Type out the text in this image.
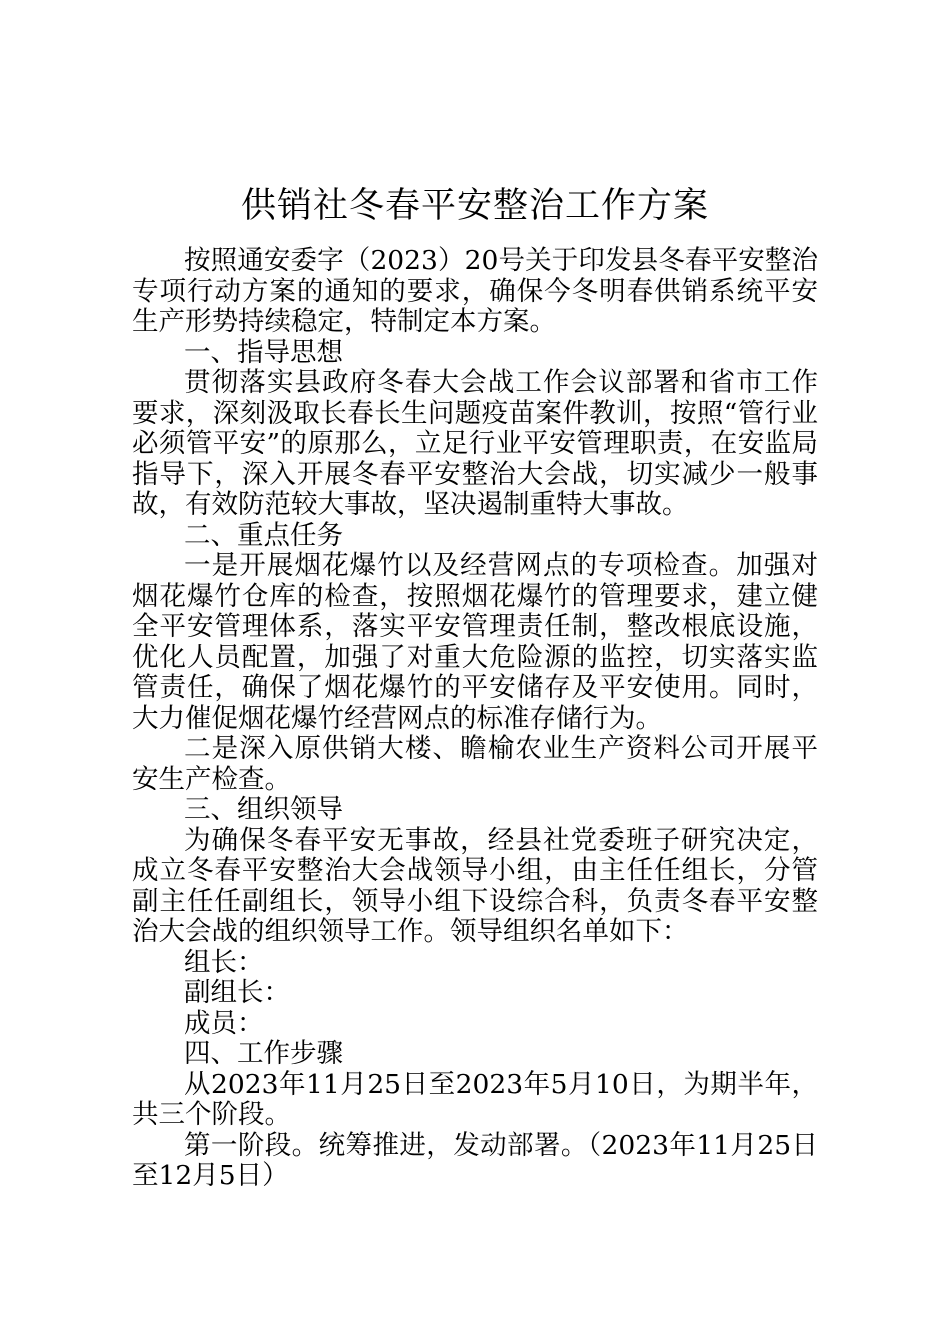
供销社冬春平安整治工作方案

按照通安委字（2023）20号关于印发县冬春平安整治专项行动方案的通知的要求，确保今冬明春供销系统平安生产形势持续稳定，特制定本方案。

一、指导思想

贯彻落实县政府冬春大会战工作会议部署和省市工作要求，深刻汲取长春长生问题疫苗案件教训，按照“管行业必须管平安”的原那么，立足行业平安管理职责，在安监局指导下，深入开展冬春平安整治大会战，切实减少一般事故，有效防范较大事故，坚决遏制重特大事故。

二、重点任务

一是开展烟花爆竹以及经营网点的专项检查。加强对烟花爆竹仓库的检查，按照烟花爆竹的管理要求，建立健全平安管理体系，落实平安管理责任制，整改根底设施，优化人员配置，加强了对重大危险源的监控，切实落实监管责任，确保了烟花爆竹的平安储存及平安使用。同时，大力催促烟花爆竹经营网点的标准存储行为。

二是深入原供销大楼、瞻榆农业生产资料公司开展平安生产检查。

三、组织领导

为确保冬春平安无事故，经县社党委班子研究决定，成立冬春平安整治大会战领导小组，由主任任组长，分管副主任任副组长，领导小组下设综合科，负责冬春平安整治大会战的组织领导工作。领导组织名单如下：

组长：

副组长：

成员：

四、工作步骤

从2023年11月25日至2023年5月10日，为期半年，共三个阶段。

第一阶段。统筹推进，发动部署。（2023年11月25日至12月5日）
